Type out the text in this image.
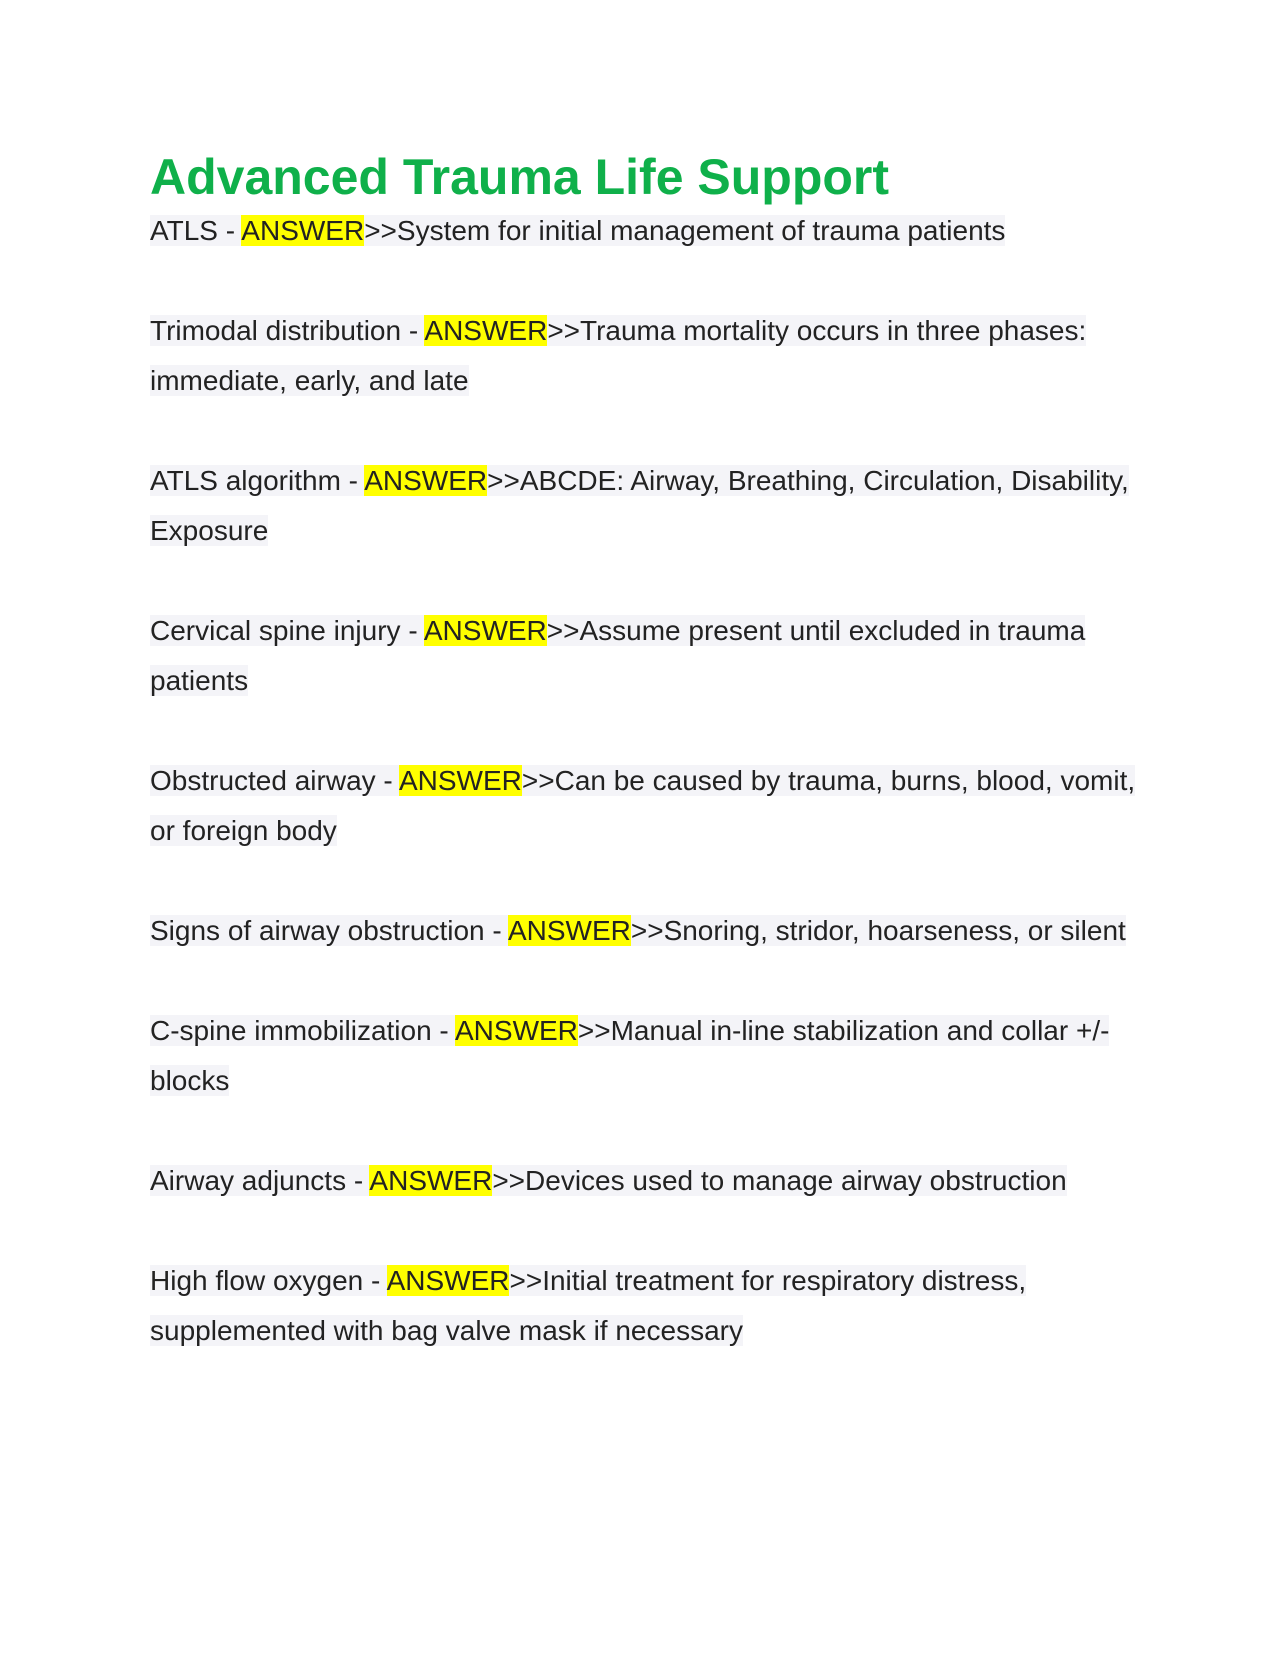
Advanced Trauma Life Support

ATLS - ANSWER>>System for initial management of trauma patients

Trimodal distribution - ANSWER>>Trauma mortality occurs in three phases: immediate, early, and late

ATLS algorithm - ANSWER>>ABCDE: Airway, Breathing, Circulation, Disability, Exposure

Cervical spine injury - ANSWER>>Assume present until excluded in trauma patients

Obstructed airway - ANSWER>>Can be caused by trauma, burns, blood, vomit, or foreign body

Signs of airway obstruction - ANSWER>>Snoring, stridor, hoarseness, or silent

C-spine immobilization - ANSWER>>Manual in-line stabilization and collar +/- blocks

Airway adjuncts - ANSWER>>Devices used to manage airway obstruction

High flow oxygen - ANSWER>>Initial treatment for respiratory distress, supplemented with bag valve mask if necessary
